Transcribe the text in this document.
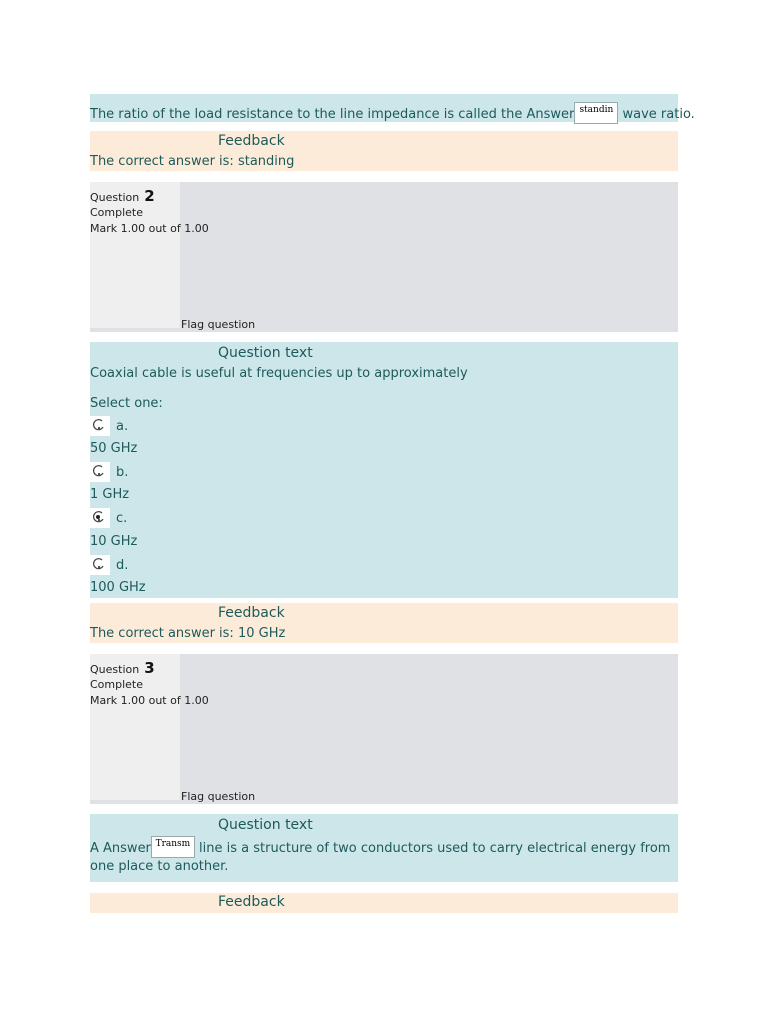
The ratio of the load resistance to the line impedance is called the Answer standin wave ratio.
Feedback
The correct answer is: standing
Question 2
Complete
Mark 1.00 out of 1.00
Flag question
Question text
Coaxial cable is useful at frequencies up to approximately
Select one:
a.
50 GHz
b.
1 GHz
c.
10 GHz
d.
100 GHz
Feedback
The correct answer is: 10 GHz
Question 3
Complete
Mark 1.00 out of 1.00
Flag question
Question text
A Answer Transm line is a structure of two conductors used to carry electrical energy from one place to another.
Feedback
